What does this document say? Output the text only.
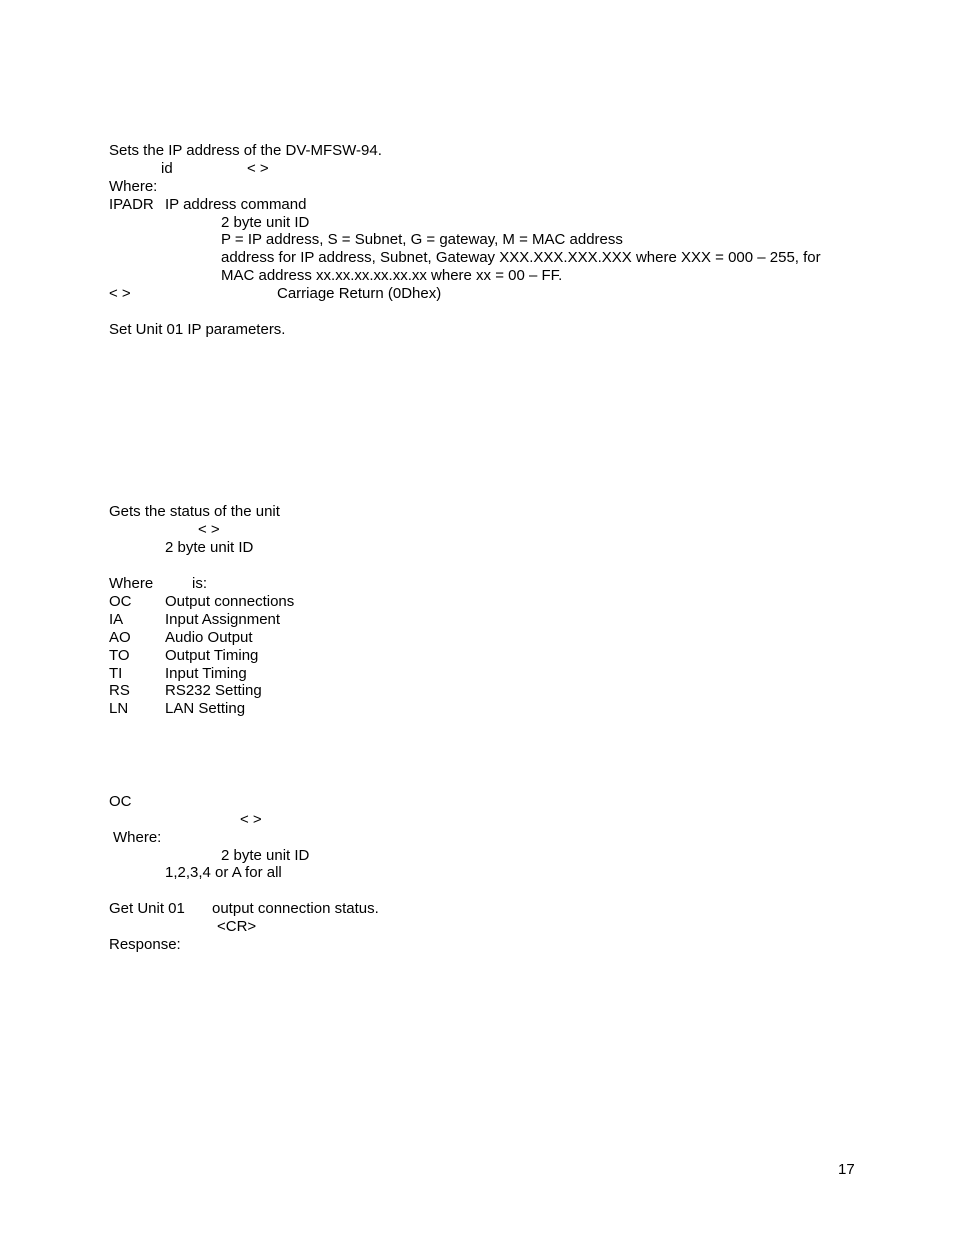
Sets the IP address of the DV-MFSW-94.
id	< >
Where:
IPADR IP address command
2 byte unit ID
P = IP address, S = Subnet, G = gateway, M = MAC address
address for IP address, Subnet, Gateway XXX.XXX.XXX.XXX where XXX = 000 – 255, for
MAC address xx.xx.xx.xx.xx.xx where xx = 00 – FF.
< >	Carriage Return (0Dhex)
Set Unit 01 IP parameters.
Gets the status of the unit
< >
2 byte unit ID
Where	is:
OC Output connections
IA	Input Assignment
AO Audio Output
TO Output Timing
TI	Input Timing
RS RS232 Setting
LN LAN Setting
OC
< >
Where:
2 byte unit ID
1,2,3,4 or A for all
Get Unit 01 output connection status.
<CR>
Response:
17
